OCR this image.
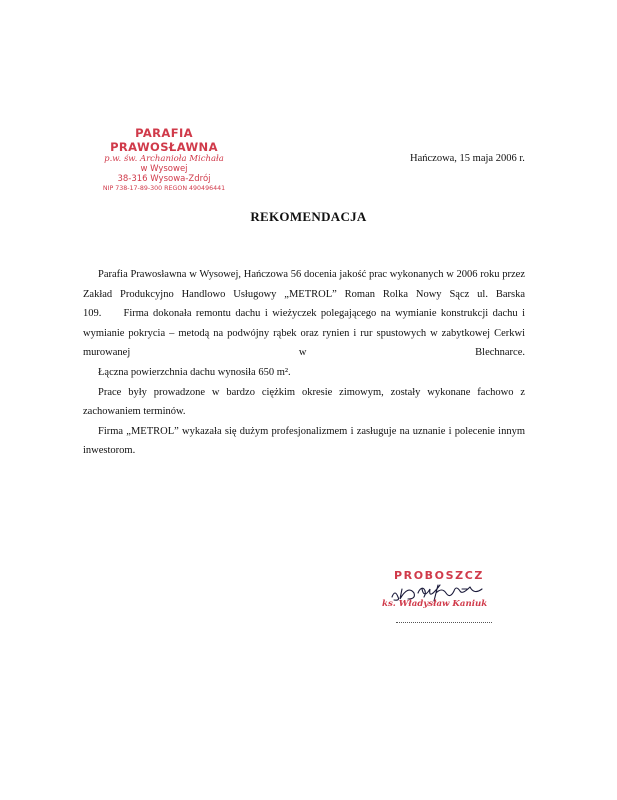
PARAFIA PRAWOSŁAWNA
p.w. św. Archanioła Michała
w Wysowej
38-316 Wysowa-Zdrój
NIP 738-17-89-300 REGON 490496441
Hańczowa, 15 maja 2006 r.
REKOMENDACJA

Parafia Prawosławna w Wysowej, Hańczowa 56 docenia jakość prac wykonanych w 2006 roku przez Zakład Produkcyjno Handlowo Usługowy „METROL” Roman Rolka Nowy Sącz ul. Barska 109.     Firma dokonała remontu dachu i wieżyczek polegającego na wymianie konstrukcji dachu i wymianie pokrycia – metodą na podwójny rąbek oraz rynien i rur spustowych w zabytkowej Cerkwi murowanej w Blechnarce.

Łączna powierzchnia dachu wynosiła 650 m².

Prace były prowadzone w bardzo ciężkim okresie zimowym, zostały wykonane fachowo z zachowaniem terminów.

Firma „METROL” wykazała się dużym profesjonalizmem i zasługuje na uznanie i polecenie innym inwestorom.

PROBOSZCZ
ks. Władysław Kaniuk
